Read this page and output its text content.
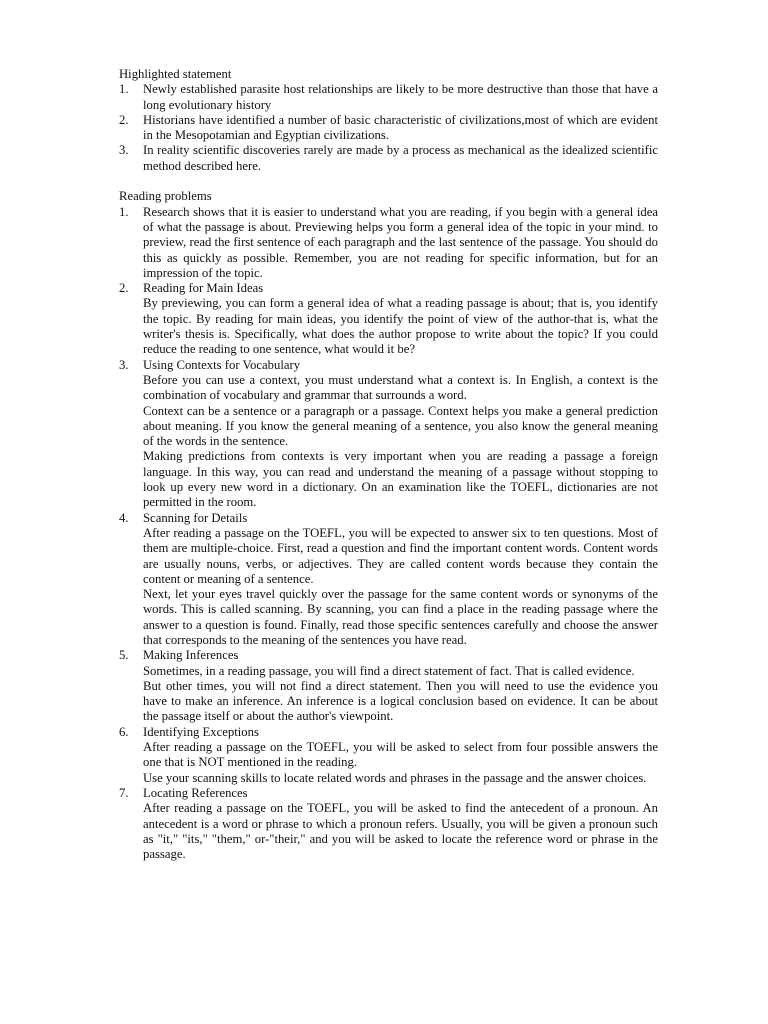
Highlighted statement
1. Newly established parasite host relationships are likely to be more destructive than those that have a long evolutionary history

2. Historians have identified a number of basic characteristic of civilizations,most of which are evident in the Mesopotamian and Egyptian civilizations.

3. In reality scientific discoveries rarely are made by a process as mechanical as the idealized scientific method described here.

Reading problems
1. Research shows that it is easier to understand what you are reading, if you begin with a general idea of what the passage is about. Previewing helps you form a general idea of the topic in your mind. to preview, read the first sentence of each paragraph and the last sentence of the passage. You should do this as quickly as possible. Remember, you are not reading for specific information, but for an impression of the topic.

2. Reading for Main Ideas

By previewing, you can form a general idea of what a reading passage is about; that is, you identify the topic. By reading for main ideas, you identify the point of view of the author-that is, what the writer's thesis is. Specifically, what does the author propose to write about the topic? If you could reduce the reading to one sentence, what would it be?

3. Using Contexts for Vocabulary

Before you can use a context, you must understand what a context is. In English, a context is the combination of vocabulary and grammar that surrounds a word.

Context can be a sentence or a paragraph or a passage. Context helps you make a general prediction about meaning. If you know the general meaning of a sentence, you also know the general meaning of the words in the sentence.

Making predictions from contexts is very important when you are reading a passage a foreign language. In this way, you can read and understand the meaning of a passage without stopping to look up every new word in a dictionary. On an examination like the TOEFL, dictionaries are not permitted in the room.

4. Scanning for Details

After reading a passage on the TOEFL, you will be expected to answer six to ten questions. Most of them are multiple-choice. First, read a question and find the important content words. Content words are usually nouns, verbs, or adjectives. They are called content words because they contain the content or meaning of a sentence.

Next, let your eyes travel quickly over the passage for the same content words or synonyms of the words. This is called scanning. By scanning, you can find a place in the reading passage where the answer to a question is found. Finally, read those specific sentences carefully and choose the answer that corresponds to the meaning of the sentences you have read.

5. Making Inferences

Sometimes, in a reading passage, you will find a direct statement of fact. That is called evidence.

But other times, you will not find a direct statement. Then you will need to use the evidence you have to make an inference. An inference is a logical conclusion based on evidence. It can be about the passage itself or about the author's viewpoint.

6. Identifying Exceptions

After reading a passage on the TOEFL, you will be asked to select from four possible answers the one that is NOT mentioned in the reading.

Use your scanning skills to locate related words and phrases in the passage and the answer choices.

7. Locating References

After reading a passage on the TOEFL, you will be asked to find the antecedent of a pronoun. An antecedent is a word or phrase to which a pronoun refers. Usually, you will be given a pronoun such as "it," "its," "them," or-"their," and you will be asked to locate the reference word or phrase in the passage.
